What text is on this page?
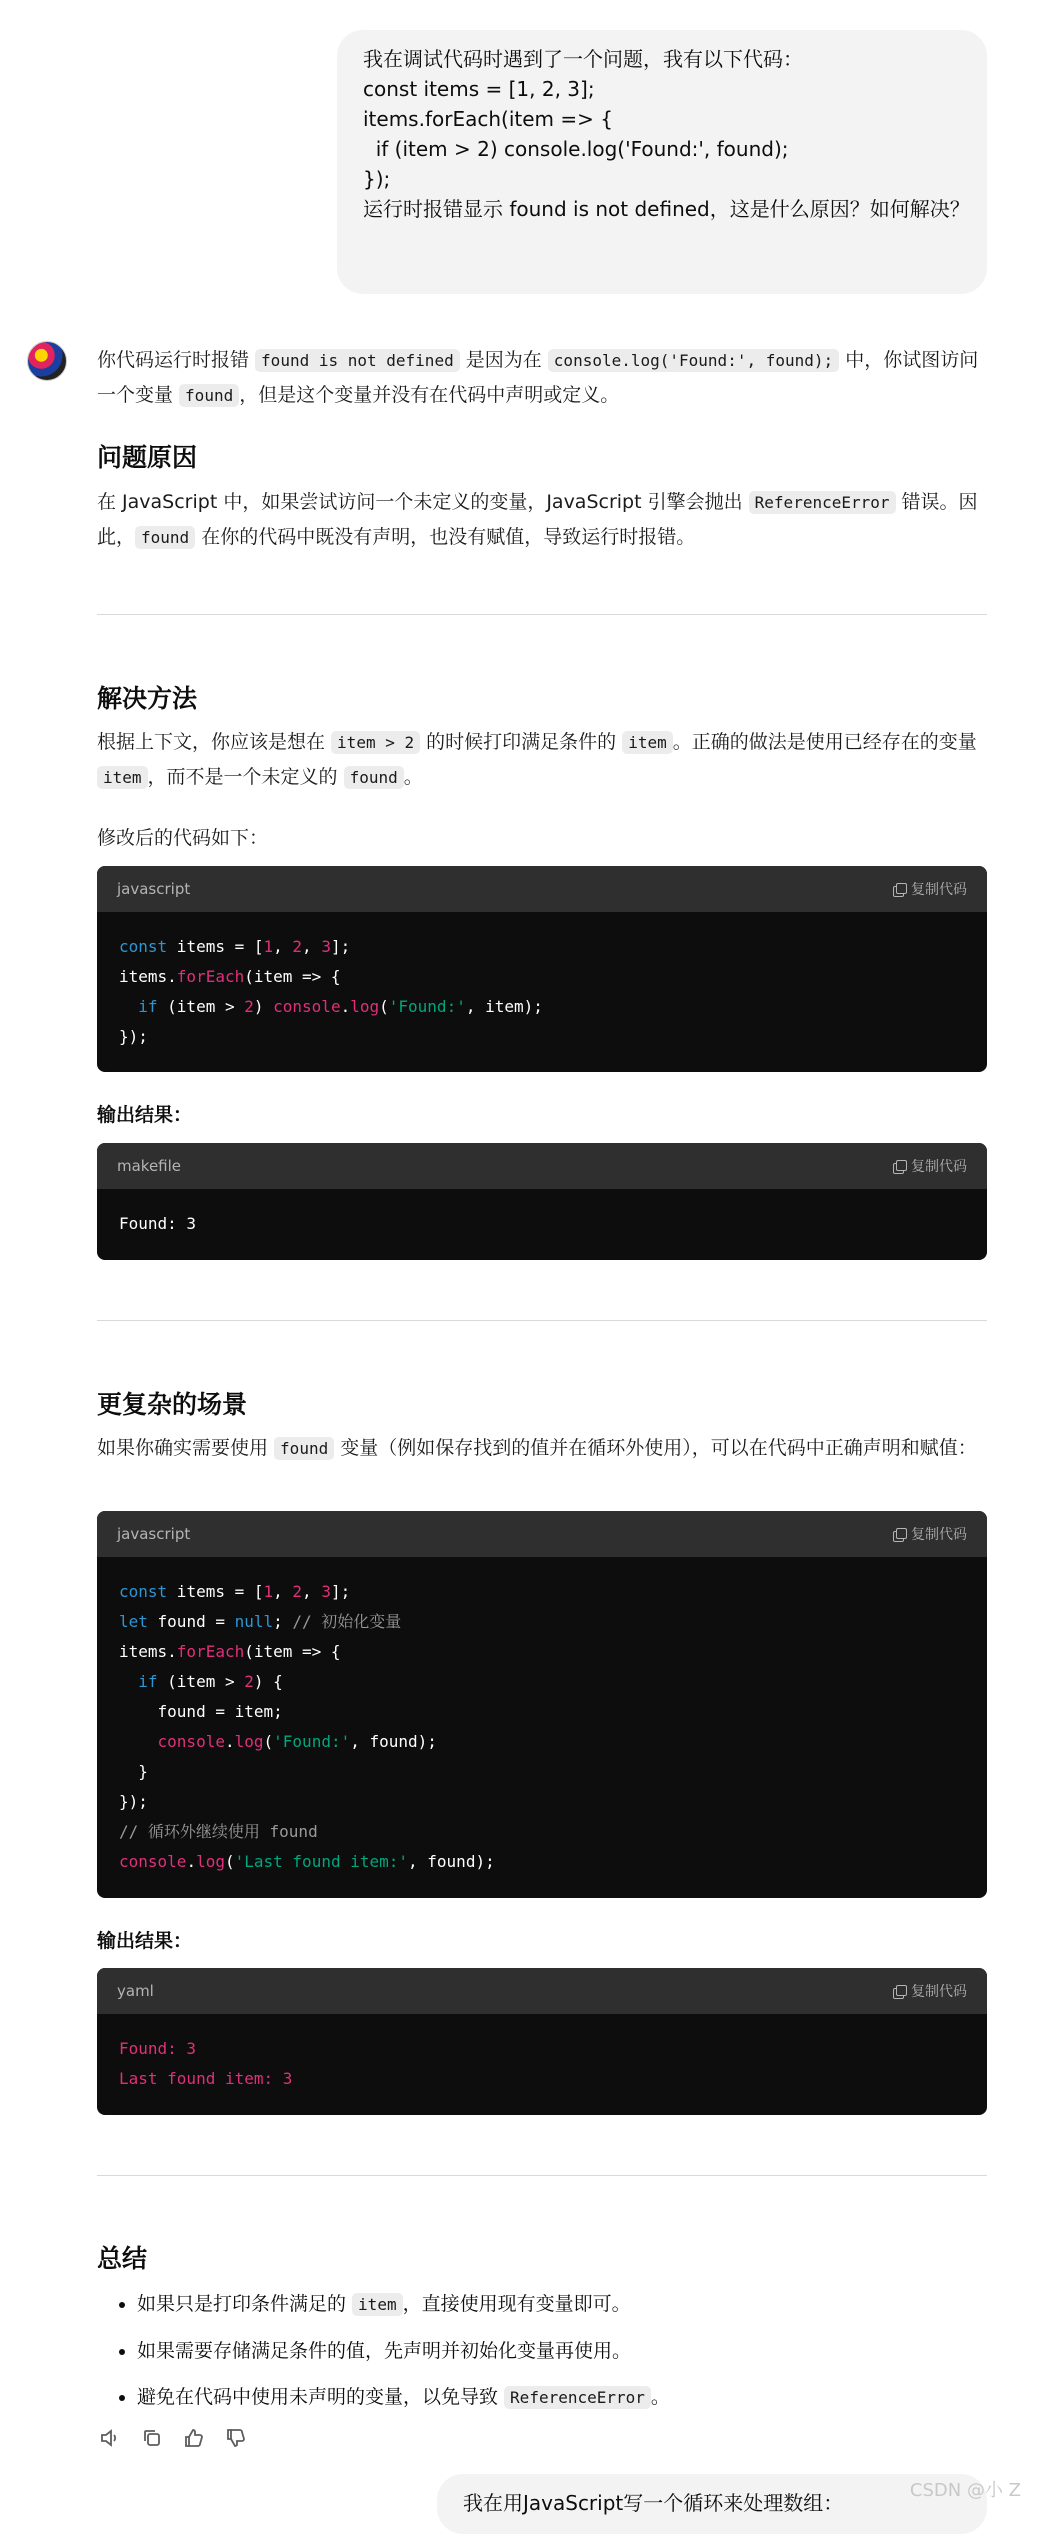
我在调试代码时遇到了一个问题，我有以下代码：

const items = [1, 2, 3];

items.forEach(item => {

if (item > 2) console.log('Found:', found);

});

运行时报错显示 found is not defined，这是什么原因？如何解决？

你代码运行时报错 found is not defined 是因为在 console.log('Found:', found); 中，你试图访问一个变量 found ，但是这个变量并没有在代码中声明或定义。

问题原因

在 JavaScript 中，如果尝试访问一个未定义的变量，JavaScript 引擎会抛出 ReferenceError 错误。因此， found 在你的代码中既没有声明，也没有赋值，导致运行时报错。

解决方法

根据上下文，你应该是想在 item > 2 的时候打印满足条件的 item 。正确的做法是使用已经存在的变量 item ，而不是一个未定义的 found 。

修改后的代码如下：

javascript	复制代码
const items = [1, 2, 3];
items.forEach(item => {
if (item > 2) console.log('Found:', item);
});
输出结果：
makefile	复制代码
Found: 3
更复杂的场景

如果你确实需要使用 found 变量（例如保存找到的值并在循环外使用），可以在代码中正确声明和赋值：

javascript	复制代码
const items = [1, 2, 3];
let found = null; // 初始化变量
items.forEach(item => {
if (item > 2) {
found = item;
console.log('Found:', found);
}
});
// 循环外继续使用 found
console.log('Last found item:', found);
输出结果：
yaml	复制代码
Found: 3
Last found item: 3
总结
• 如果只是打印条件满足的 item ，直接使用现有变量即可。
• 如果需要存储满足条件的值，先声明并初始化变量再使用。
• 避免在代码中使用未声明的变量，以免导致 ReferenceError 。
我在用JavaScript写一个循环来处理数组：
CSDN @小 Z
